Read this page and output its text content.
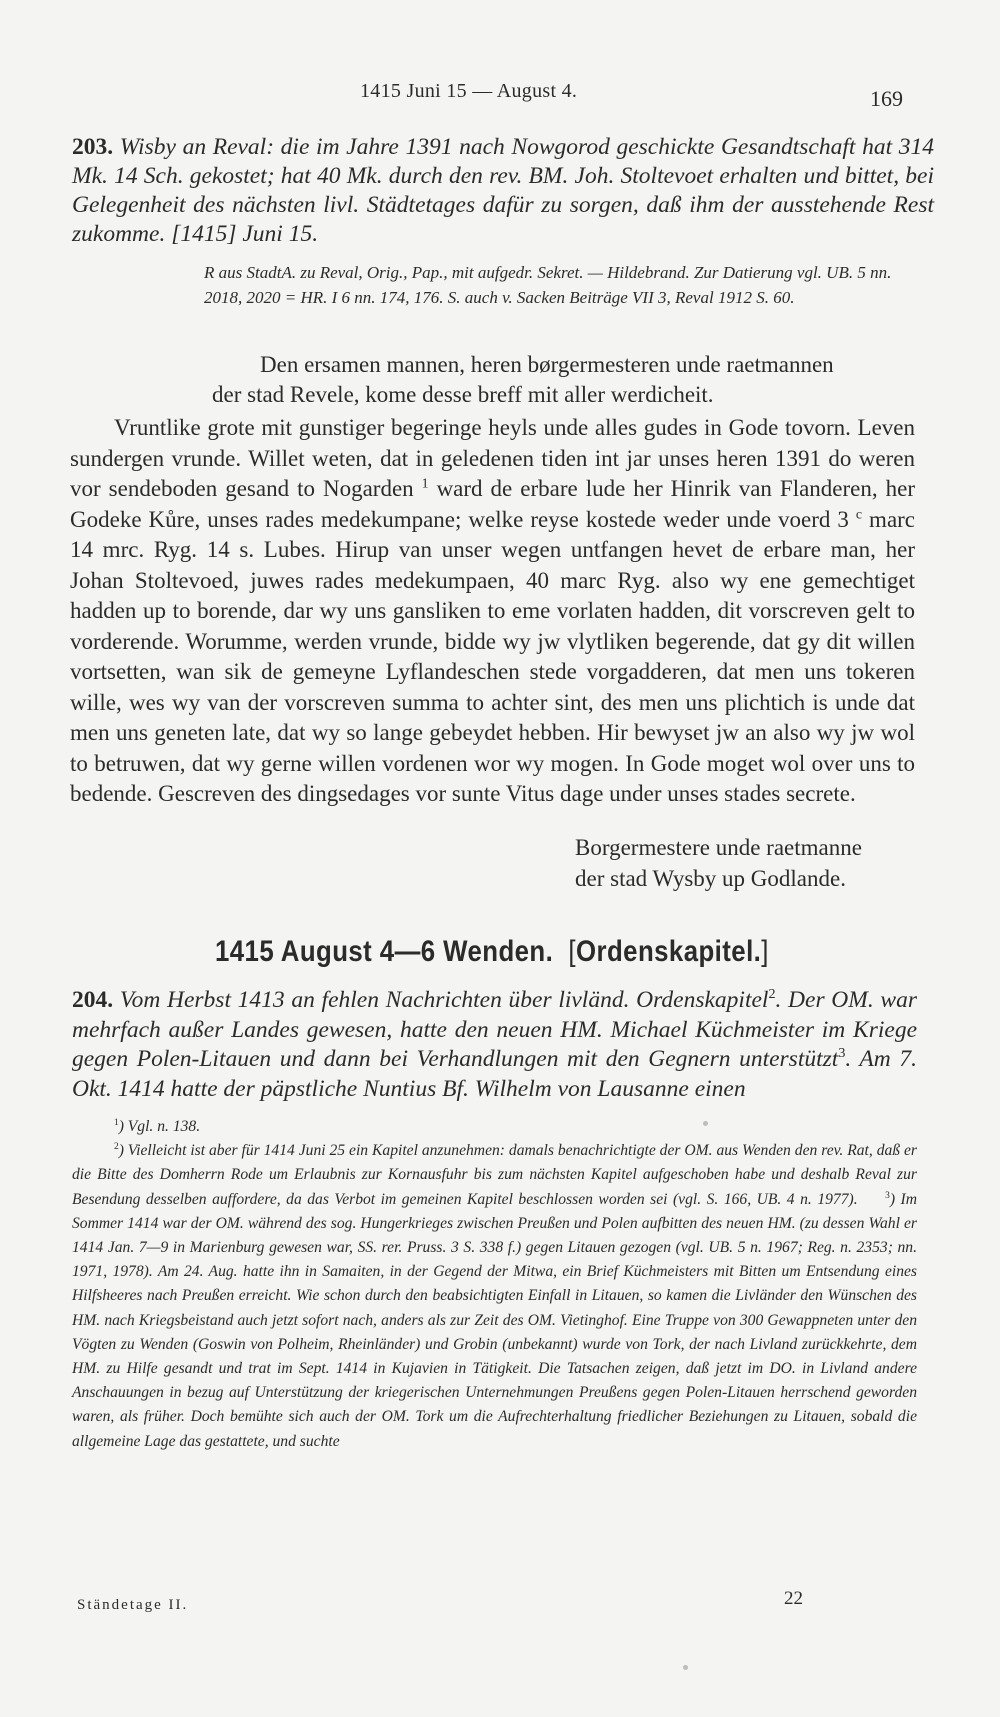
1415 Juni 15 — August 4.	169
203. Wisby an Reval: die im Jahre 1391 nach Nowgorod geschickte Gesandtschaft hat 314 Mk. 14 Sch. gekostet; hat 40 Mk. durch den rev. BM. Joh. Stoltevoet erhalten und bittet, bei Gelegenheit des nächsten livl. Städtetages dafür zu sorgen, daß ihm der ausstehende Rest zukomme. [1415] Juni 15.
R aus StadtA. zu Reval, Orig., Pap., mit aufgedr. Sekret. — Hildebrand. Zur Datierung vgl. UB. 5 nn. 2018, 2020 = HR. I 6 nn. 174, 176. S. auch v. Sacken Beiträge VII 3, Reval 1912 S. 60.
Den ersamen mannen, heren børgermesteren unde raetmannen
der stad Revele, kome desse breff mit aller werdicheit.

Vruntlike grote mit gunstiger begeringe heyls unde alles gudes in Gode tovorn. Leven sundergen vrunde. Willet weten, dat in geledenen tiden int jar unses heren 1391 do weren vor sendeboden gesand to Nogarden $^1$ ward de erbare lude her Hinrik van Flanderen, her Godeke Kůre, unses rades medekumpane; welke reyse kostede weder unde voerd 3 $^c$ marc 14 mrc. Ryg. 14 s. Lubes. Hirup van unser wegen untfangen hevet de erbare man, her Johan Stoltevoed, juwes rades medekumpaen, 40 marc Ryg. also wy ene gemechtiget hadden up to borende, dar wy uns gansliken to eme vorlaten hadden, dit vorscreven gelt to vorderende. Worumme, werden vrunde, bidde wy jw vlytliken begerende, dat gy dit willen vortsetten, wan sik de gemeyne Lyflandeschen stede vorgadderen, dat men uns tokeren wille, wes wy van der vorscreven summa to achter sint, des men uns plichtich is unde dat men uns geneten late, dat wy so lange gebeydet hebben. Hir bewyset jw an also wy jw wol to betruwen, dat wy gerne willen vordenen wor wy mogen. In Gode moget wol over uns to bedende. Gescreven des dingsedages vor sunte Vitus dage under unses stades secrete.

Borgermestere unde raetmanne
der stad Wysby up Godlande.
1415 August 4—6 Wenden.  [Ordenskapitel.]
204. Vom Herbst 1413 an fehlen Nachrichten über livländ. Ordenskapitel$^2$. Der OM. war mehrfach außer Landes gewesen, hatte den neuen HM. Michael Küchmeister im Kriege gegen Polen-Litauen und dann bei Verhandlungen mit den Gegnern unterstützt$^3$. Am 7. Okt. 1414 hatte der päpstliche Nuntius Bf. Wilhelm von Lausanne einen

$^1$) Vgl. n. 138.

$^2$) Vielleicht ist aber für 1414 Juni 25 ein Kapitel anzunehmen: damals benachrichtigte der OM. aus Wenden den rev. Rat, daß er die Bitte des Domherrn Rode um Erlaubnis zur Kornausfuhr bis zum nächsten Kapitel aufgeschoben habe und deshalb Reval zur Besendung desselben auffordere, da das Verbot im gemeinen Kapitel beschlossen worden sei (vgl. S. 166, UB. 4 n. 1977).	$^3$) Im Sommer 1414 war der OM. während des sog. Hungerkrieges zwischen Preußen und Polen aufbitten des neuen HM. (zu dessen Wahl er 1414 Jan. 7—9 in Marienburg gewesen war, SS. rer. Pruss. 3 S. 338 f.) gegen Litauen gezogen (vgl. UB. 5 n. 1967; Reg. n. 2353; nn. 1971, 1978). Am 24. Aug. hatte ihn in Samaiten, in der Gegend der Mitwa, ein Brief Küchmeisters mit Bitten um Entsendung eines Hilfsheeres nach Preußen erreicht. Wie schon durch den beabsichtigten Einfall in Litauen, so kamen die Livländer den Wünschen des HM. nach Kriegsbeistand auch jetzt sofort nach, anders als zur Zeit des OM. Vietinghof. Eine Truppe von 300 Gewappneten unter den Vögten zu Wenden (Goswin von Polheim, Rheinländer) und Grobin (unbekannt) wurde von Tork, der nach Livland zurückkehrte, dem HM. zu Hilfe gesandt und trat im Sept. 1414 in Kujavien in Tätigkeit. Die Tatsachen zeigen, daß jetzt im DO. in Livland andere Anschauungen in bezug auf Unterstützung der kriegerischen Unternehmungen Preußens gegen Polen-Litauen herrschend geworden waren, als früher. Doch bemühte sich auch der OM. Tork um die Aufrechterhaltung friedlicher Beziehungen zu Litauen, sobald die allgemeine Lage das gestattete, und suchte

Ständetage II.	22
